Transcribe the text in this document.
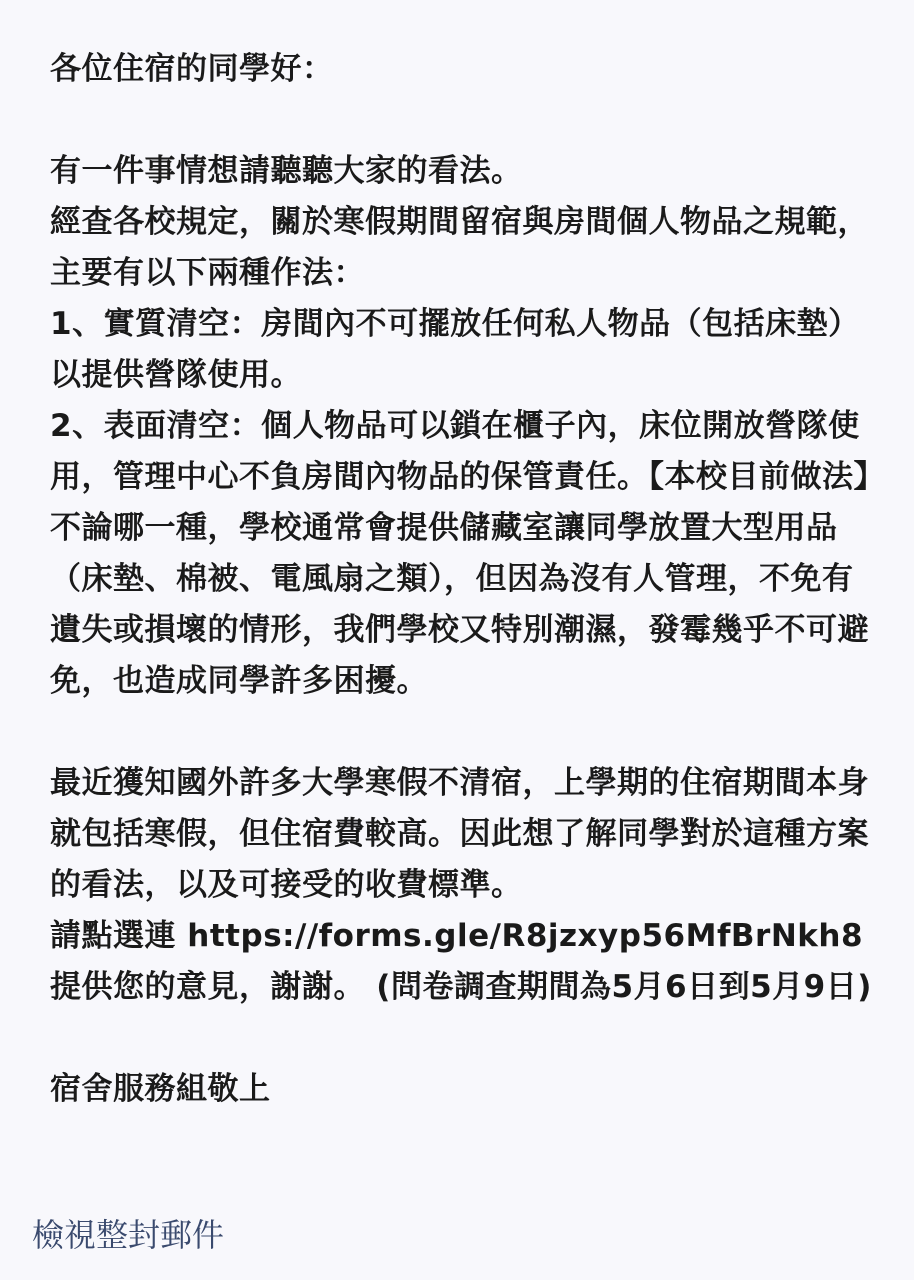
各位住宿的同學好：

有一件事情想請聽聽大家的看法。

經查各校規定，關於寒假期間留宿與房間個人物品之規範，主要有以下兩種作法：

1、實質清空：房間內不可擺放任何私人物品（包括床墊）以提供營隊使用。

2、表面清空：個人物品可以鎖在櫃子內，床位開放營隊使用，管理中心不負房間內物品的保管責任。【本校目前做法】

不論哪一種，學校通常會提供儲藏室讓同學放置大型用品（床墊、棉被、電風扇之類），但因為沒有人管理，不免有遺失或損壞的情形，我們學校又特別潮濕，發霉幾乎不可避免，也造成同學許多困擾。

最近獲知國外許多大學寒假不清宿，上學期的住宿期間本身就包括寒假，但住宿費較高。因此想了解同學對於這種方案的看法，以及可接受的收費標準。

請點選連 https://forms.gle/R8jzxyp56MfBrNkh8 提供您的意見，謝謝。 (問卷調查期間為5月6日到5月9日)

宿舍服務組敬上

檢視整封郵件
